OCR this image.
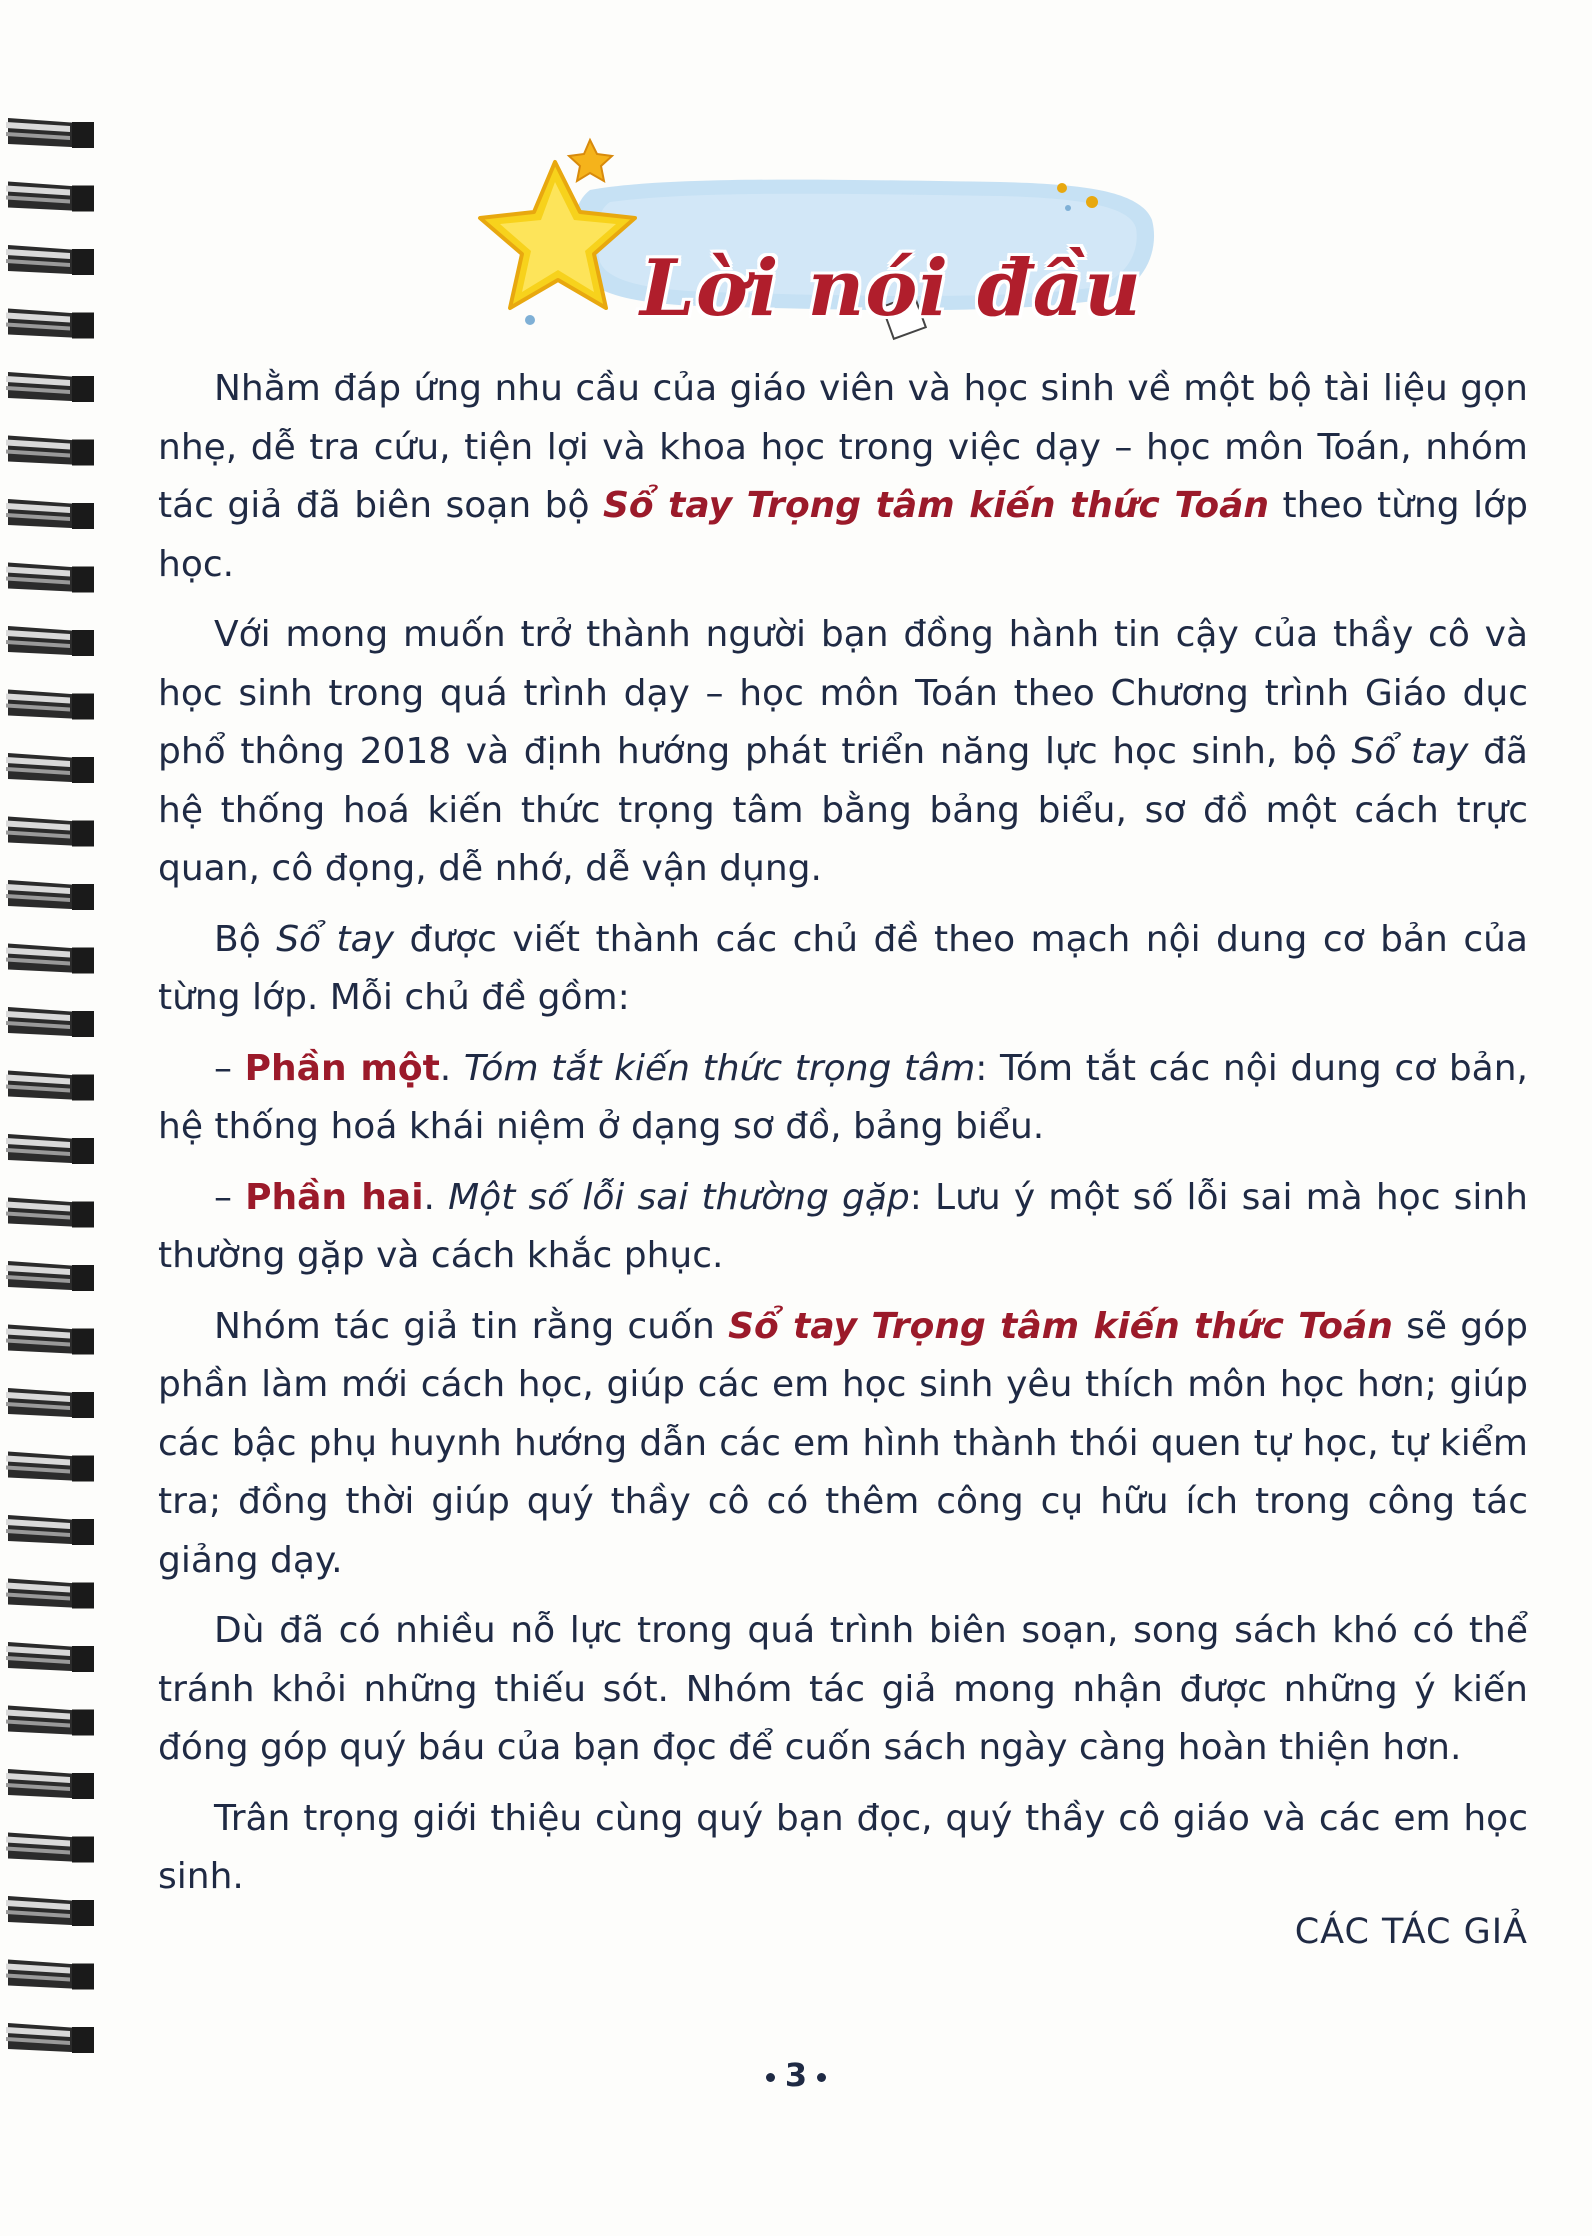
Lời nói đầu

Nhằm đáp ứng nhu cầu của giáo viên và học sinh về một bộ tài liệu gọn nhẹ, dễ tra cứu, tiện lợi và khoa học trong việc dạy – học môn Toán, nhóm tác giả đã biên soạn bộ Sổ tay Trọng tâm kiến thức Toán theo từng lớp học.

Với mong muốn trở thành người bạn đồng hành tin cậy của thầy cô và học sinh trong quá trình dạy – học môn Toán theo Chương trình Giáo dục phổ thông 2018 và định hướng phát triển năng lực học sinh, bộ Sổ tay đã hệ thống hoá kiến thức trọng tâm bằng bảng biểu, sơ đồ một cách trực quan, cô đọng, dễ nhớ, dễ vận dụng.

Bộ Sổ tay được viết thành các chủ đề theo mạch nội dung cơ bản của từng lớp. Mỗi chủ đề gồm:

– Phần một. Tóm tắt kiến thức trọng tâm: Tóm tắt các nội dung cơ bản, hệ thống hoá khái niệm ở dạng sơ đồ, bảng biểu.

– Phần hai. Một số lỗi sai thường gặp: Lưu ý một số lỗi sai mà học sinh thường gặp và cách khắc phục.

Nhóm tác giả tin rằng cuốn Sổ tay Trọng tâm kiến thức Toán sẽ góp phần làm mới cách học, giúp các em học sinh yêu thích môn học hơn; giúp các bậc phụ huynh hướng dẫn các em hình thành thói quen tự học, tự kiểm tra; đồng thời giúp quý thầy cô có thêm công cụ hữu ích trong công tác giảng dạy.

Dù đã có nhiều nỗ lực trong quá trình biên soạn, song sách khó có thể tránh khỏi những thiếu sót. Nhóm tác giả mong nhận được những ý kiến đóng góp quý báu của bạn đọc để cuốn sách ngày càng hoàn thiện hơn.

Trân trọng giới thiệu cùng quý bạn đọc, quý thầy cô giáo và các em học sinh.

CÁC TÁC GIẢ
3
